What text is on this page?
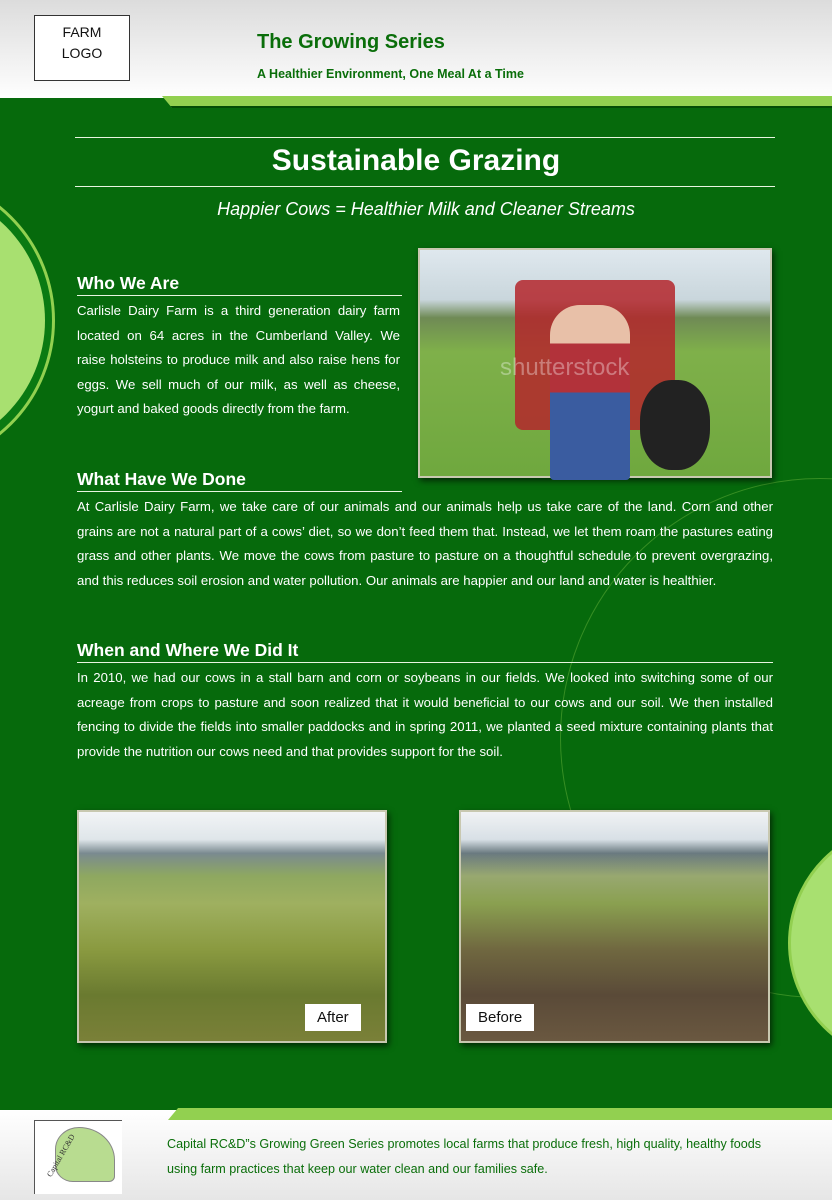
FARM
LOGO	The Growing Series
A Healthier Environment, One Meal At a Time
Sustainable Grazing
Happier Cows = Healthier Milk and Cleaner Streams
Who We Are
Carlisle Dairy Farm is a third generation dairy farm located on 64 acres in the Cumberland Valley. We raise holsteins to produce milk and also raise hens for eggs. We sell much of our milk, as well as cheese, yogurt and baked goods directly from the farm.
shutterstock
What Have We Done
At Carlisle Dairy Farm, we take care of our animals and our animals help us take care of the land. Corn and other grains are not a natural part of a cows’ diet, so we don’t feed them that. Instead, we let them roam the pastures eating grass and other plants. We move the cows from pasture to pasture on a thoughtful schedule to prevent overgrazing, and this reduces soil erosion and water pollution. Our animals are happier and our land and water is healthier.
When and Where We Did It
In 2010, we had our cows in a stall barn and corn or soybeans in our fields. We looked into switching some of our acreage from crops to pasture and soon realized that it would beneficial to our cows and our soil. We then installed fencing to divide the fields into smaller paddocks and in spring 2011, we planted a seed mixture containing plants that provide the nutrition our cows need and that provides support for the soil.
After	Before
Capital RC&D	Capital RC&D”s Growing Green Series promotes local farms that produce fresh, high quality, healthy foods using farm practices that keep our water clean and our families safe.
